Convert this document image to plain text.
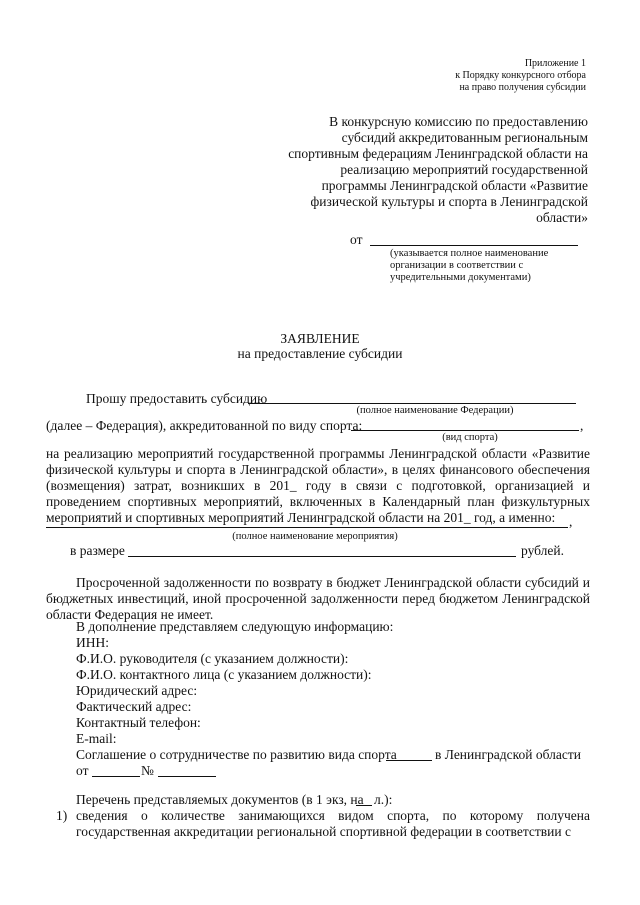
Приложение 1
к Порядку конкурсного отбора
на право получения субсидии
В конкурсную комиссию по предоставлению
субсидий аккредитованным региональным
спортивным федерациям Ленинградской области на
реализацию мероприятий государственной
программы Ленинградской области «Развитие
физической культуры и спорта в Ленинградской
области»
от
(указывается полное наименование
организации в соответствии с
учредительными документами)
ЗАЯВЛЕНИЕ
на предоставление субсидии
Прошу предоставить субсидию
(полное наименование Федерации)
(далее – Федерация), аккредитованной по виду спорта:	,
(вид спорта)
на реализацию мероприятий государственной программы Ленинградской области «Развитие физической культуры и спорта в Ленинградской области», в целях финансового обеспечения (возмещения) затрат, возникших в 201_ году в связи с подготовкой, организацией и проведением спортивных мероприятий, включенных в Календарный план физкультурных мероприятий и спортивных мероприятий Ленинградской области на 201_ год, а именно:	,
(полное наименование мероприятия)
в размере	рублей.
Просроченной задолженности по возврату в бюджет Ленинградской области субсидий и бюджетных инвестиций, иной просроченной задолженности перед бюджетом Ленинградской области Федерация не имеет.
В дополнение представляем следующую информацию:
ИНН:
Ф.И.О. руководителя (с указанием должности):
Ф.И.О. контактного лица (с указанием должности):
Юридический адрес:
Фактический адрес:
Контактный телефон:
E-mail:
Соглашение о сотрудничестве по развитию вида спорта	в Ленинградской области
от	№
Перечень представляемых документов (в 1 экз, на л.):
1) сведения о количестве занимающихся видом спорта, по которому получена государственная аккредитации региональной спортивной федерации в соответствии с
